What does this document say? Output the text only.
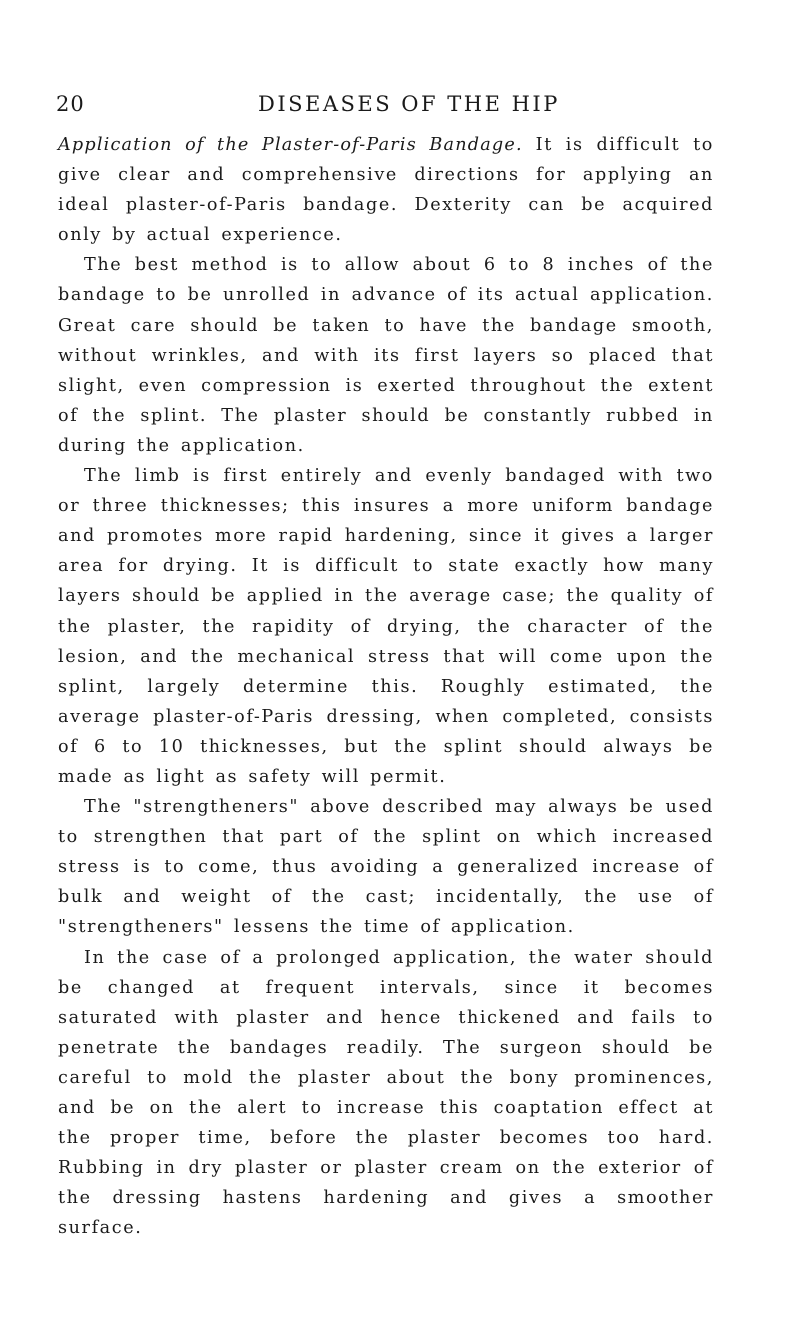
20	DISEASES OF THE HIP

Application of the Plaster-of-Paris Bandage. It is difficult to give clear and comprehensive directions for applying an ideal plaster-of-Paris bandage. Dexterity can be acquired only by actual experience.

The best method is to allow about 6 to 8 inches of the bandage to be unrolled in advance of its actual application. Great care should be taken to have the bandage smooth, without wrinkles, and with its first layers so placed that slight, even compression is exerted throughout the extent of the splint. The plaster should be constantly rubbed in during the application.

The limb is first entirely and evenly bandaged with two or three thicknesses; this insures a more uniform bandage and promotes more rapid hardening, since it gives a larger area for drying. It is difficult to state exactly how many layers should be applied in the average case; the quality of the plaster, the rapidity of drying, the character of the lesion, and the mechanical stress that will come upon the splint, largely determine this. Roughly estimated, the average plaster-of-Paris dressing, when completed, consists of 6 to 10 thicknesses, but the splint should always be made as light as safety will permit.

The "strengtheners" above described may always be used to strengthen that part of the splint on which increased stress is to come, thus avoiding a generalized increase of bulk and weight of the cast; incidentally, the use of "strengtheners" lessens the time of application.

In the case of a prolonged application, the water should be changed at frequent intervals, since it becomes saturated with plaster and hence thickened and fails to penetrate the bandages readily. The surgeon should be careful to mold the plaster about the bony prominences, and be on the alert to increase this coaptation effect at the proper time, before the plaster becomes too hard. Rubbing in dry plaster or plaster cream on the exterior of the dressing hastens hardening and gives a smoother surface.
